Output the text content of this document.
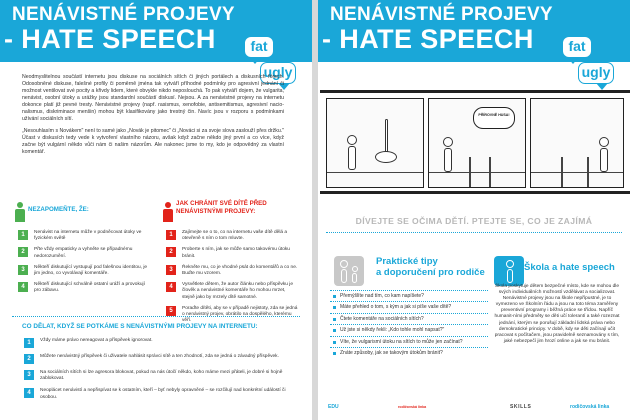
NENÁVISTNÉ PROJEVY
- HATE SPEECH	fat
ugly

Neodmyslitelnou součástí internetu jsou diskuse na sociálních sítích či jiných portálech a diskusních fórech. Odosobněné diskuse, falešné profily či poměrně jména tak vytváří příhodné podmínky pro agresivní jednání či možnost ventilovat své pocity a křivdy lidem, které obvykle nikdo neposlouchá. To pak vytváří dojem, že vulgarita, nenávist, osobní útoky a urážky jsou standardní součástí diskusí. Nejsou. A za nenávistné projevy na internetu dokonce platí již pevné tresty. Nenávistné projevy (např. rasismus, xenofobie, antisemitismus, agresivní nacio-nalismus, diskriminace menšin) mohou být klasifikovány jako trestný čin. Navíc jsou v rozporu s podmínkami užívání sociálních sítí.

„Nesouhlasím s Novákem" není to samé jako „Novák je pitomec" či „Nováci si za svoje slova zaslouží přes držku." Účast v diskusích tedy vede k vytvoření vlastního názoru, avšak když začne někdo jiný první a co více, když začne být vulgární někdo vůči nám či našim názorům. Ale nakonec jsme to my, kdo je odpovědný za vlastní komentář.

NEZAPOMEŇTE, ŽE:
1	Nenávist na internetu může v podněcovat útoky ve fyzickém světě
2	Přte vždy empaticky a vyhněte se případnému nedorozumění.
3	Někteří diskutující vystupují pod falešnou identitou, je jim jedno, co vyvolávají komentáře.
4	Někteří diskutující schválně ostatní uráží a provokují pro zábavu.
JAK CHRÁNIT SVÉ DÍTĚ PŘED NENÁVISTNÝMI PROJEVY:
1	Zajímejte se o to, co na internetu vaše dítě dělá a otevřeně s ním o tom mluvte.
2	Proberte s ním, jak se může samo takovému útoku bránit.
3	Řekněte mu, co je vhodné psát do komentářů a co ne. Buďte mu vzorem.
4	Vysvětlete dětem, že autor článku nebo příspěvku je člověk a nenávistné komentáře ho mohou mrzet, stejně jako by mrzely dítě samotné.
5	Poraďte dítěti, aby se v případě nejistoty, zda se jedná o nenávistný projev, obrátilo na dospělého, kterému věří.
CO DĚLAT, KDYŽ SE POTKÁME S NENÁVISTNÝMI PROJEVY NA INTERNETU:
1	Vždy máme právo nereagovat a příspěvek ignorovat.
2	Můžete nenávistný příspěvek či uživatele nahlásit správci sítě a ten zhodnotí, zda se jedná o závadný příspěvek.
3	Na sociálních sítích si lze agresora blokovat, pokud na nás útočí někdo, koho máme mezi přáteli, je dobré si hojně zablokovat.
4	Neoplácet nenávistí a nepřispívat se k ostatním, kteří – byť nebyly opravněné – se rozčilují nad konkrétní událostí či osobou.
NENÁVISTNÉ PROJEVY
- HATE SPEECH	fat
ugly
PŘÍROVNĚ HUSA!
DÍVEJTE SE OČIMA DĚTÍ. PTEJTE SE, CO JE ZAJÍMÁ
Praktické tipy
a doporučení pro rodiče
Přemýšlíte nad tím, co kam napíšete?
Máte přehled o tom, s kým a jak si píše vaše dítě?
Čtete komentáře na sociálních sítích?
Už jste si někdy řekli: „Kdo tohle mohl napsat?"
Víte, že vulgarismí útoku na sítích to může jen začínat?
Znáte způsoby, jak se takovým útokům bránit?
Škola a hate speech
Škola poskytuje dětem bezpečné místo, kde se mohou dle svých individuálních možností vzdělávat a socializovat. Nenávistné projevy jsou na škole nepřípustné, je to vymezeno ve Školním řádu a jsou na toto téma zaměřeny preventivní programy i běžná práce se třídou. Napříč humanit-ními předměty se děti učí tolerantí a také rozeznat jednání, kterým se porušují základní lidská práva nebo demokratické principy. V době, kdy se děti začínají učit pracovat s počítačem, jsou pravidelně seznamovány s tím, jaké nebezpečí jim hrozí online a jak se mu bránit.
EDU	rodičovská linka	SKILLS	rodičovská linka
